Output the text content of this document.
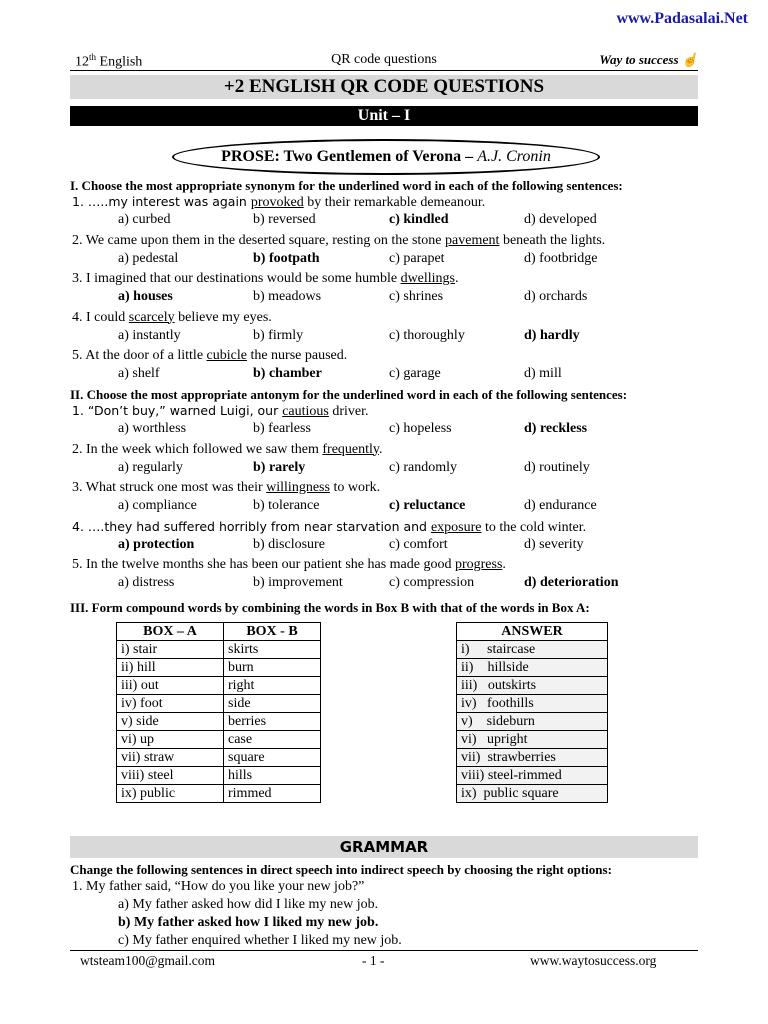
www.Padasalai.Net
12th English	QR code questions	Way to success ☝
+2 ENGLISH QR CODE QUESTIONS
Unit – I
PROSE: Two Gentlemen of Verona – A.J. Cronin
I. Choose the most appropriate synonym for the underlined word in each of the following sentences:
1. …..my interest was again provoked by their remarkable demeanour.
a) curbed	b) reversed	c) kindled	d) developed
2. We came upon them in the deserted square, resting on the stone pavement beneath the lights.
a) pedestal	b) footpath	c) parapet	d) footbridge
3. I imagined that our destinations would be some humble dwellings.
a) houses	b) meadows	c) shrines	d) orchards
4. I could scarcely believe my eyes.
a) instantly	b) firmly	c) thoroughly	d) hardly
5. At the door of a little cubicle the nurse paused.
a) shelf	b) chamber	c) garage	d) mill
II. Choose the most appropriate antonym for the underlined word in each of the following sentences:
1. “Don’t buy,” warned Luigi, our cautious driver.
a) worthless	b) fearless	c) hopeless	d) reckless
2. In the week which followed we saw them frequently.
a) regularly	b) rarely	c) randomly	d) routinely
3. What struck one most was their willingness to work.
a) compliance	b) tolerance	c) reluctance	d) endurance
4. ….they had suffered horribly from near starvation and exposure to the cold winter.
a) protection	b) disclosure	c) comfort	d) severity
5. In the twelve months she has been our patient she has made good progress.
a) distress	b) improvement	c) compression	d) deterioration
III. Form compound words by combining the words in Box B with that of the words in Box A:
BOX – A	BOX - B
i) stair	skirts
ii) hill	burn
iii) out	right
iv) foot	side
v) side	berries
vi) up	case
vii) straw	square
viii) steel	hills
ix) public	rimmed
ANSWER
i)     staircase
ii)    hillside
iii)   outskirts
iv)   foothills
v)    sideburn
vi)   upright
vii)  strawberries
viii) steel-rimmed
ix)  public square
GRAMMAR
Change the following sentences in direct speech into indirect speech by choosing the right options:
1. My father said, “How do you like your new job?”
a) My father asked how did I like my new job.
b) My father asked how I liked my new job.
c) My father enquired whether I liked my new job.
wtsteam100@gmail.com	- 1 -	www.waytosuccess.org
